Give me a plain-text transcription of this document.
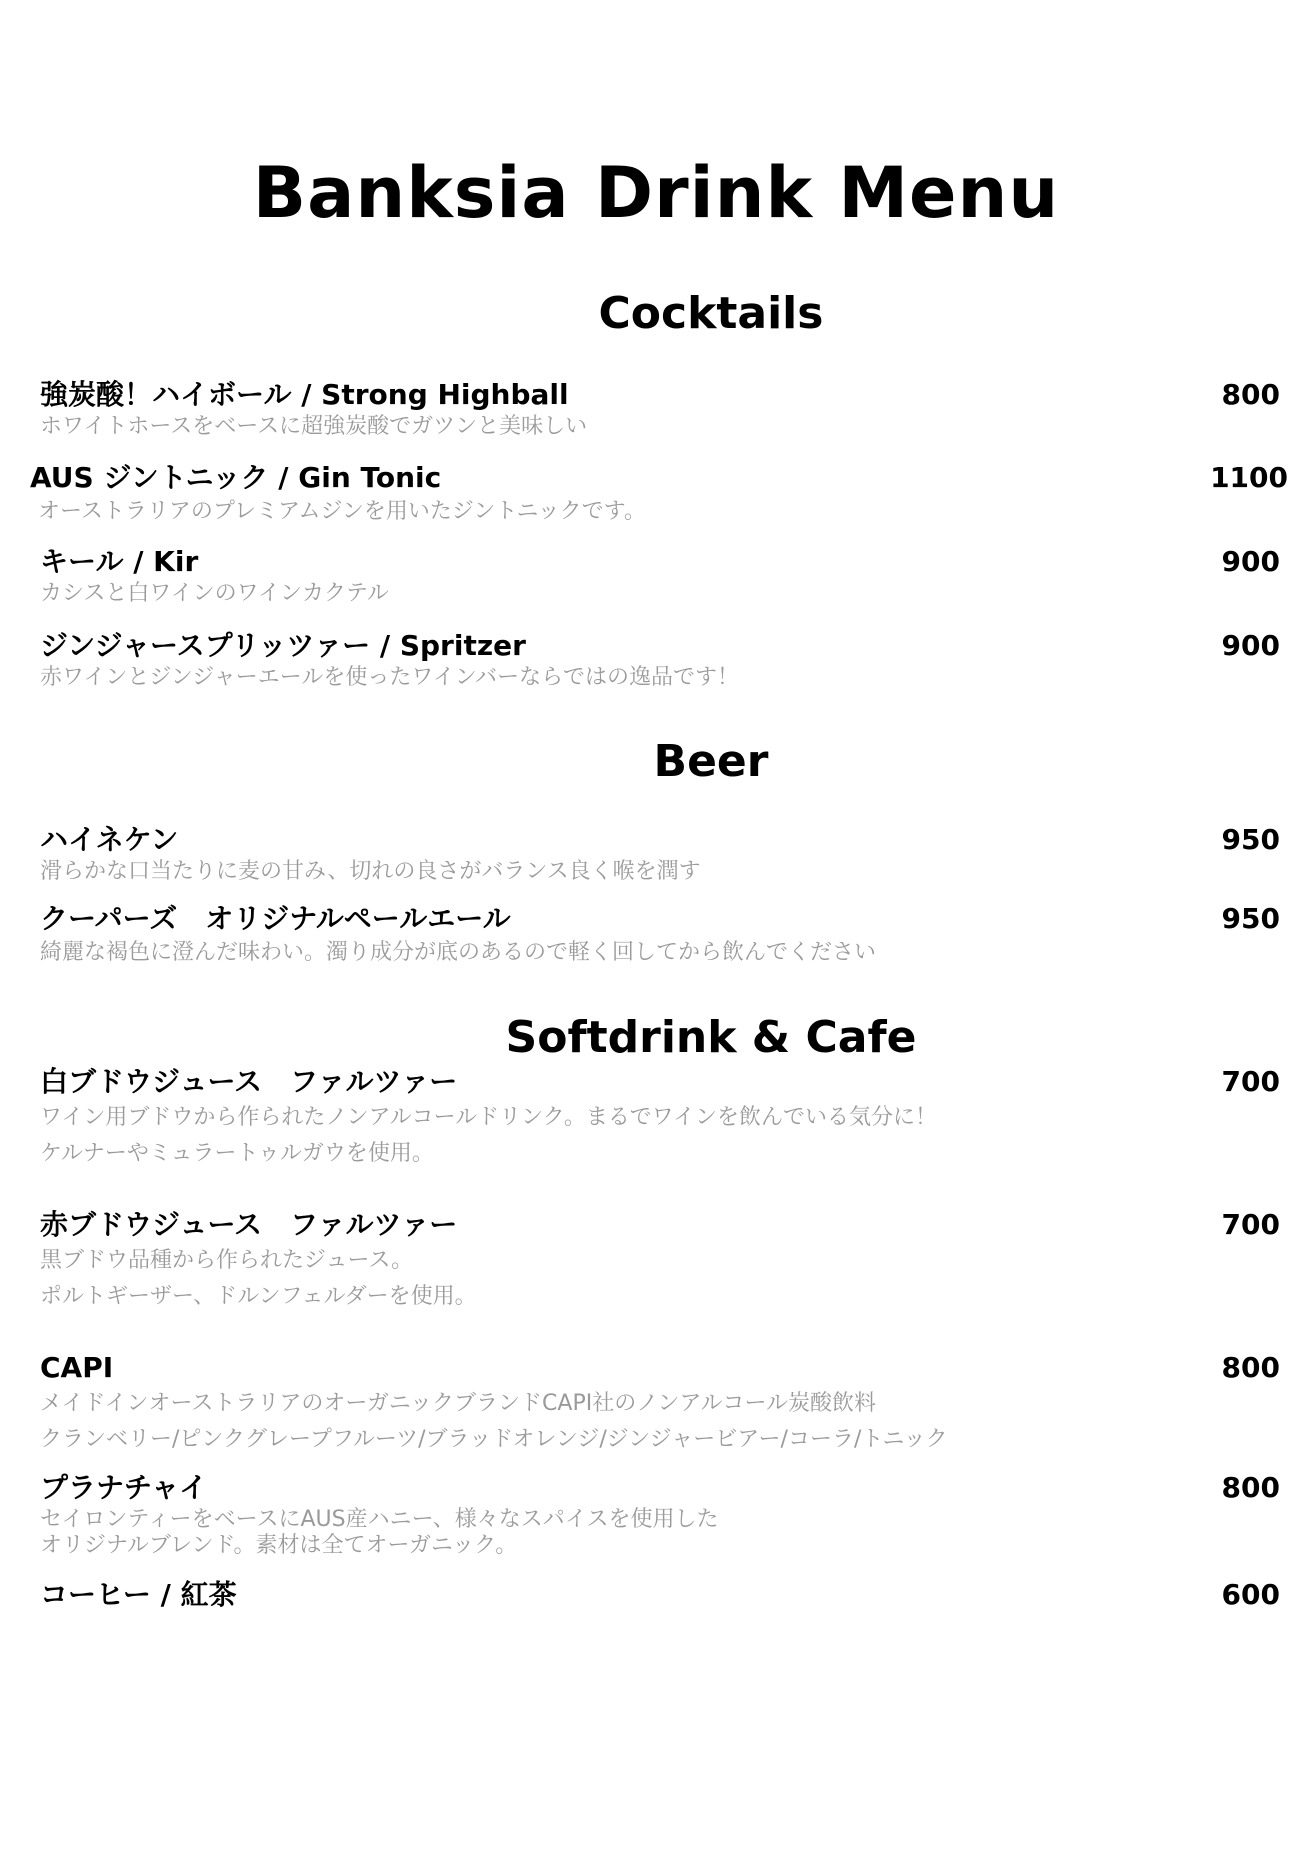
Banksia Drink Menu
Cocktails
強炭酸！ハイボール / Strong Highball	800
ホワイトホースをベースに超強炭酸でガツンと美味しい
AUS ジントニック / Gin Tonic	1100
オーストラリアのプレミアムジンを用いたジントニックです。
キール / Kir	900
カシスと白ワインのワインカクテル
ジンジャースプリッツァー / Spritzer	900
赤ワインとジンジャーエールを使ったワインバーならではの逸品です！
Beer
ハイネケン	950
滑らかな口当たりに麦の甘み、切れの良さがバランス良く喉を潤す
クーパーズ　オリジナルペールエール	950
綺麗な褐色に澄んだ味わい。濁り成分が底のあるので軽く回してから飲んでください
Softdrink & Cafe
白ブドウジュース　ファルツァー	700
ワイン用ブドウから作られたノンアルコールドリンク。まるでワインを飲んでいる気分に！
ケルナーやミュラートゥルガウを使用。
赤ブドウジュース　ファルツァー	700
黒ブドウ品種から作られたジュース。
ポルトギーザー、ドルンフェルダーを使用。
CAPI	800
メイドインオーストラリアのオーガニックブランドCAPI社のノンアルコール炭酸飲料
クランベリー/ピンクグレープフルーツ/ブラッドオレンジ/ジンジャービアー/コーラ/トニック
プラナチャイ	800
セイロンティーをベースにAUS産ハニー、様々なスパイスを使用した
オリジナルブレンド。素材は全てオーガニック。
コーヒー / 紅茶	600
